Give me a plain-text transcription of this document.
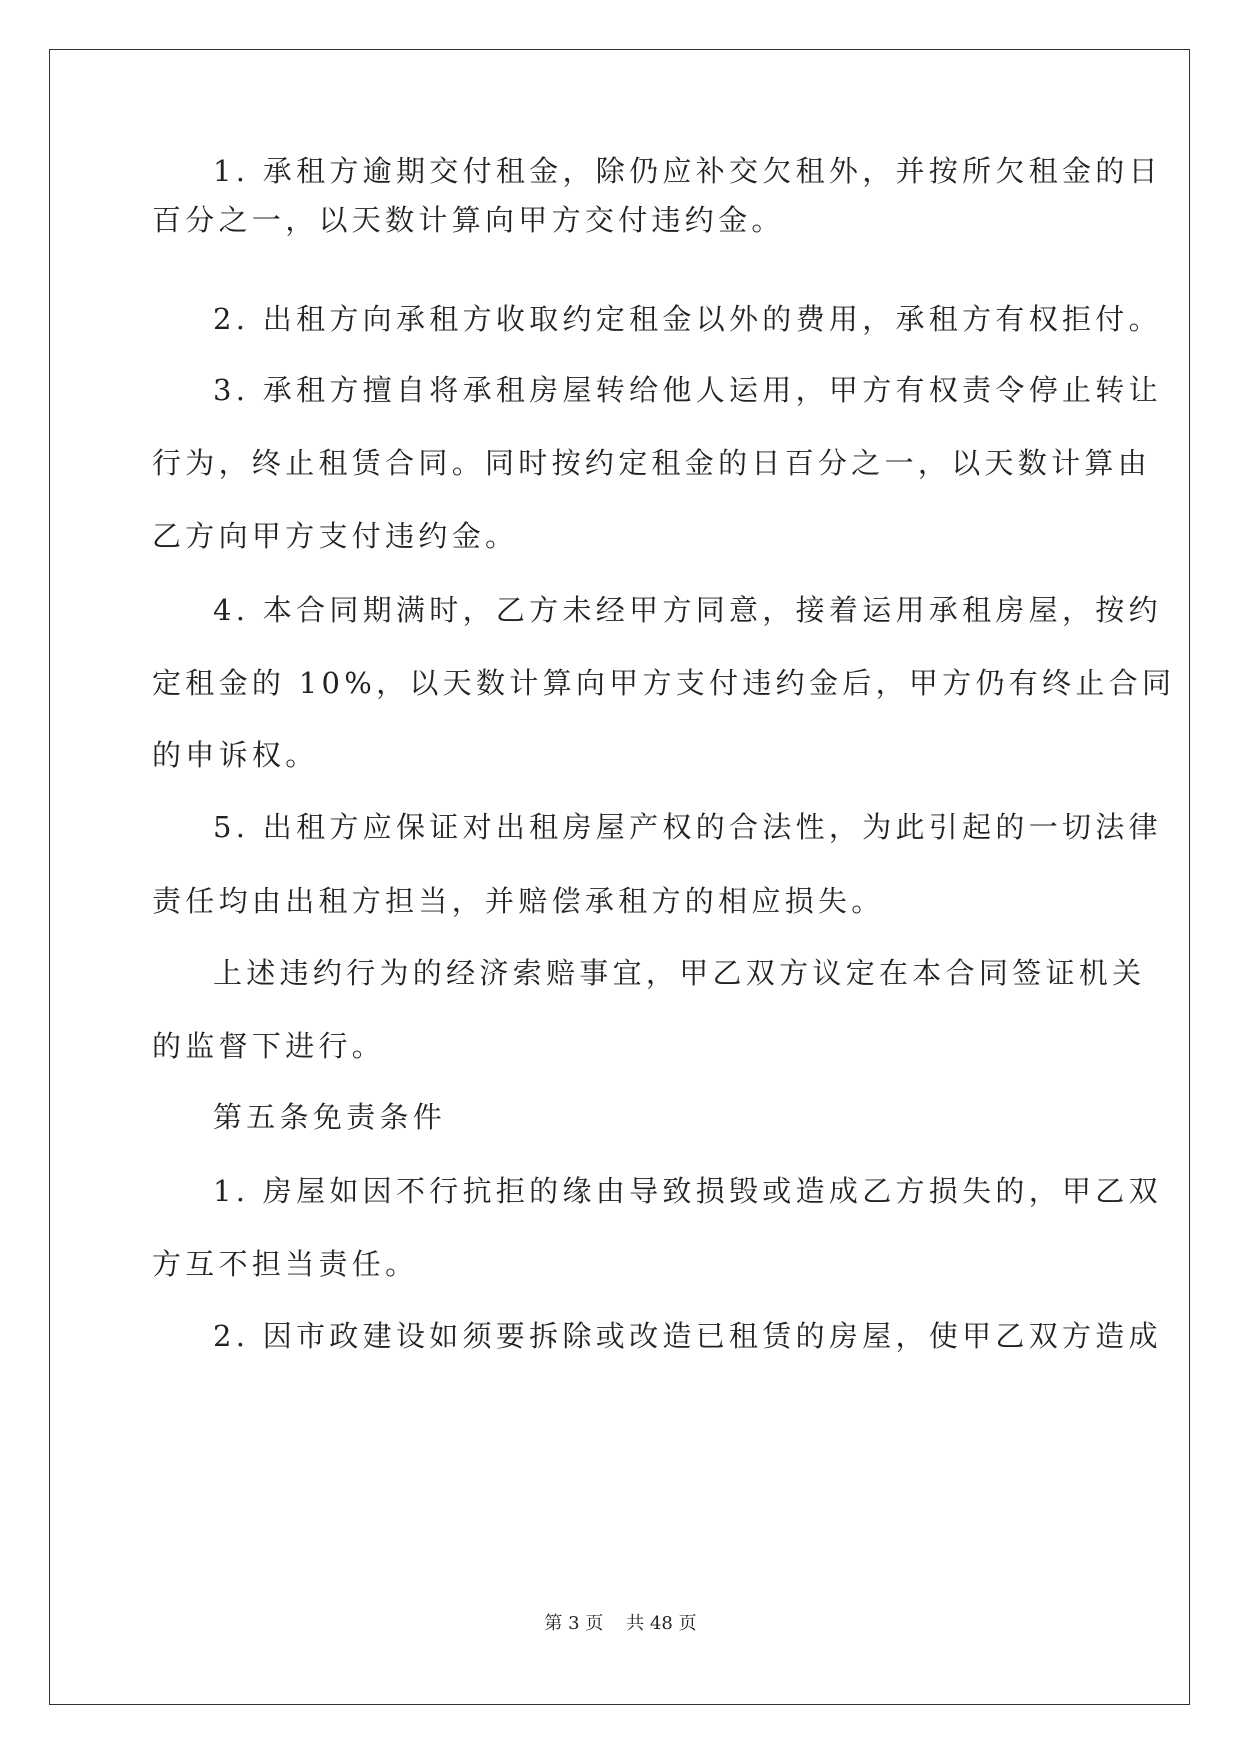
1. 承租方逾期交付租金，除仍应补交欠租外，并按所欠租金的日

百分之一，以天数计算向甲方交付违约金。

2. 出租方向承租方收取约定租金以外的费用，承租方有权拒付。

3. 承租方擅自将承租房屋转给他人运用，甲方有权责令停止转让

行为，终止租赁合同。同时按约定租金的日百分之一，以天数计算由

乙方向甲方支付违约金。

4. 本合同期满时，乙方未经甲方同意，接着运用承租房屋，按约

定租金的 10%，以天数计算向甲方支付违约金后，甲方仍有终止合同

的申诉权。

5. 出租方应保证对出租房屋产权的合法性，为此引起的一切法律

责任均由出租方担当，并赔偿承租方的相应损失。

上述违约行为的经济索赔事宜，甲乙双方议定在本合同签证机关

的监督下进行。

第五条免责条件

1. 房屋如因不行抗拒的缘由导致损毁或造成乙方损失的，甲乙双

方互不担当责任。

2. 因市政建设如须要拆除或改造已租赁的房屋，使甲乙双方造成

第 3 页 共 48 页
